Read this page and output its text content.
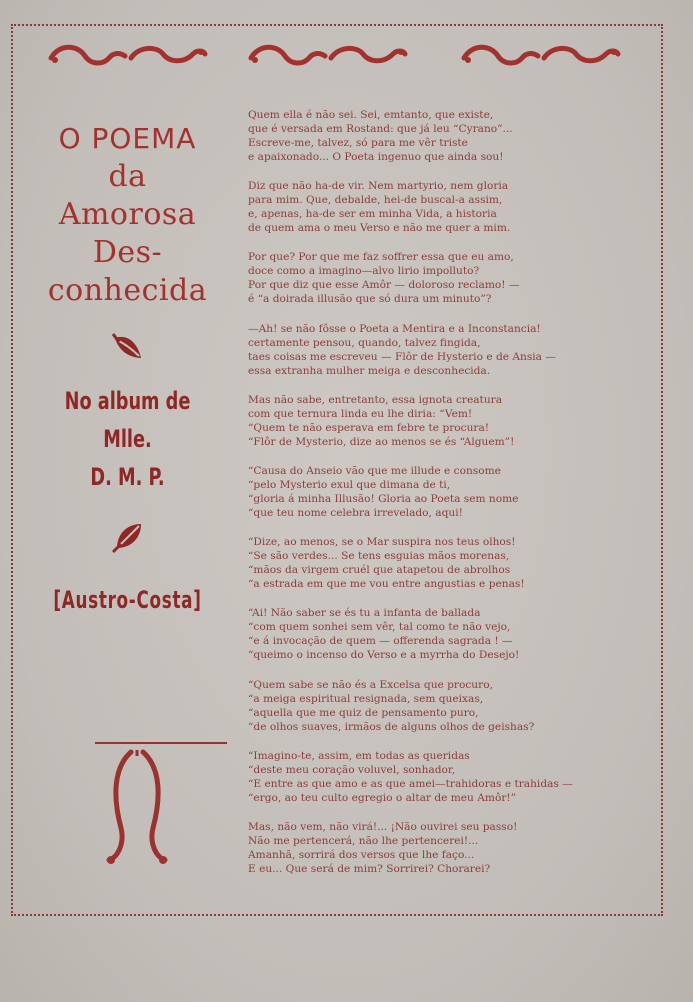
O POEMA

da

Amorosa

Des-

conhecida

No album de

Mlle.

D. M. P.

[Austro-Costa]

Quem ella é não sei. Sei, emtanto, que existe,
que é versada em Rostand: que já leu “Cyrano”...
Escreve-me, talvez, só para me vêr triste
e apaixonado... O Poeta ingenuo que ainda sou!
Diz que não ha-de vir. Nem martyrio, nem gloria
para mim. Que, debalde, hei-de buscal-a assim,
e, apenas, ha-de ser em minha Vida, a historia
de quem ama o meu Verso e não me quer a mim.
Por que? Por que me faz soffrer essa que eu amo,
doce como a imagino—alvo lirio impolluto?
Por que diz que esse Amôr — doloroso reclamo! —
é “a doirada illusão que só dura um minuto”?
—Ah! se não fôsse o Poeta a Mentira e a Inconstancia!
certamente pensou, quando, talvez fingida,
taes coisas me escreveu — Flôr de Hysterio e de Ansia —
essa extranha mulher meiga e desconhecida.
Mas não sabe, entretanto, essa ignota creatura
com que ternura linda eu lhe diria: “Vem!
“Quem te não esperava em febre te procura!
“Flôr de Mysterio, dize ao menos se és “Alguem”!
“Causa do Anseio vão que me illude e consome
“pelo Mysterio exul que dimana de ti,
“gloria á minha Illusão! Gloria ao Poeta sem nome
“que teu nome celebra irrevelado, aqui!
“Dize, ao menos, se o Mar suspira nos teus olhos!
“Se são verdes... Se tens esguias mãos morenas,
“mãos da virgem cruél que atapetou de abrolhos
“a estrada em que me vou entre angustias e penas!
“Ai! Não saber se és tu a infanta de ballada
“com quem sonhei sem vêr, tal como te não vejo,
“e á invocação de quem — offerenda sagrada ! —
“queimo o incenso do Verso e a myrrha do Desejo!
“Quem sabe se não és a Excelsa que procuro,
“a meiga espiritual resignada, sem queixas,
“aquella que me quiz de pensamento puro,
“de olhos suaves, irmãos de alguns olhos de geishas?
“Imagino-te, assim, em todas as queridas
“deste meu coração voluvel, sonhador,
“E entre as que amo e as que amei—trahidoras e trahidas —
“ergo, ao teu culto egregio o altar de meu Amôr!”
Mas, não vem, não virá!... ¡Não ouvirei seu passo!
Não me pertencerá, não lhe pertencerei!...
Amanhã, sorrirá dos versos que lhe faço...
E eu... Que será de mim? Sorrirei? Chorarei?
